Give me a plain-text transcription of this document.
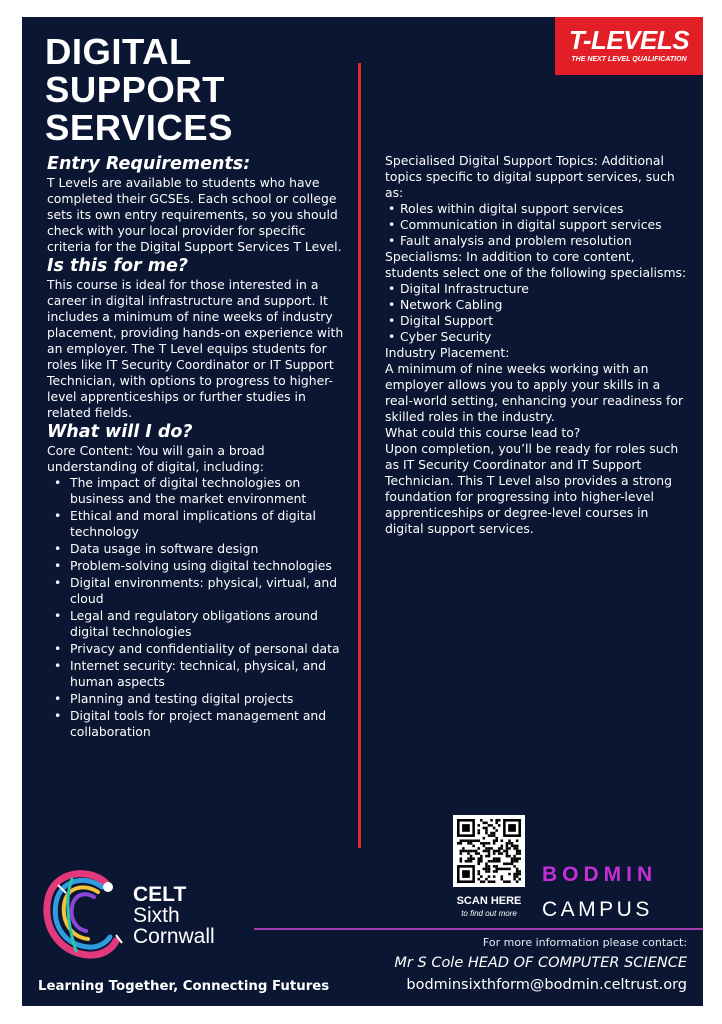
DIGITAL
SUPPORT
SERVICES
T-LEVELS
THE NEXT LEVEL QUALIFICATION
Entry Requirements:

T Levels are available to students who have completed their GCSEs. Each school or college sets its own entry requirements, so you should check with your local provider for specific criteria for the Digital Support Services T Level.

Is this for me?

This course is ideal for those interested in a career in digital infrastructure and support. It includes a minimum of nine weeks of industry placement, providing hands-on experience with an employer. The T Level equips students for roles like IT Security Coordinator or IT Support Technician, with options to progress to higher-level apprenticeships or further studies in related fields.

What will I do?

Core Content: You will gain a broad understanding of digital, including:

• The impact of digital technologies on business and the market environment
• Ethical and moral implications of digital technology
• Data usage in software design
• Problem-solving using digital technologies
• Digital environments: physical, virtual, and cloud
• Legal and regulatory obligations around digital technologies
• Privacy and confidentiality of personal data
• Internet security: technical, physical, and human aspects
• Planning and testing digital projects
• Digital tools for project management and collaboration

Specialised Digital Support Topics: Additional topics specific to digital support services, such as:

• Roles within digital support services
• Communication in digital support services
• Fault analysis and problem resolution

Specialisms: In addition to core content, students select one of the following specialisms:

• Digital Infrastructure
• Network Cabling
• Digital Support
• Cyber Security

Industry Placement:

A minimum of nine weeks working with an employer allows you to apply your skills in a real-world setting, enhancing your readiness for skilled roles in the industry.

What could this course lead to?

Upon completion, you’ll be ready for roles such as IT Security Coordinator and IT Support Technician. This T Level also provides a strong foundation for progressing into higher-level apprenticeships or degree-level courses in digital support services.

SCAN HERE
to find out more
BODMIN
CAMPUS
For more information please contact:
Mr S Cole HEAD OF COMPUTER SCIENCE
bodminsixthform@bodmin.celtrust.org
CELT
Sixth
Cornwall
Learning Together, Connecting Futures
